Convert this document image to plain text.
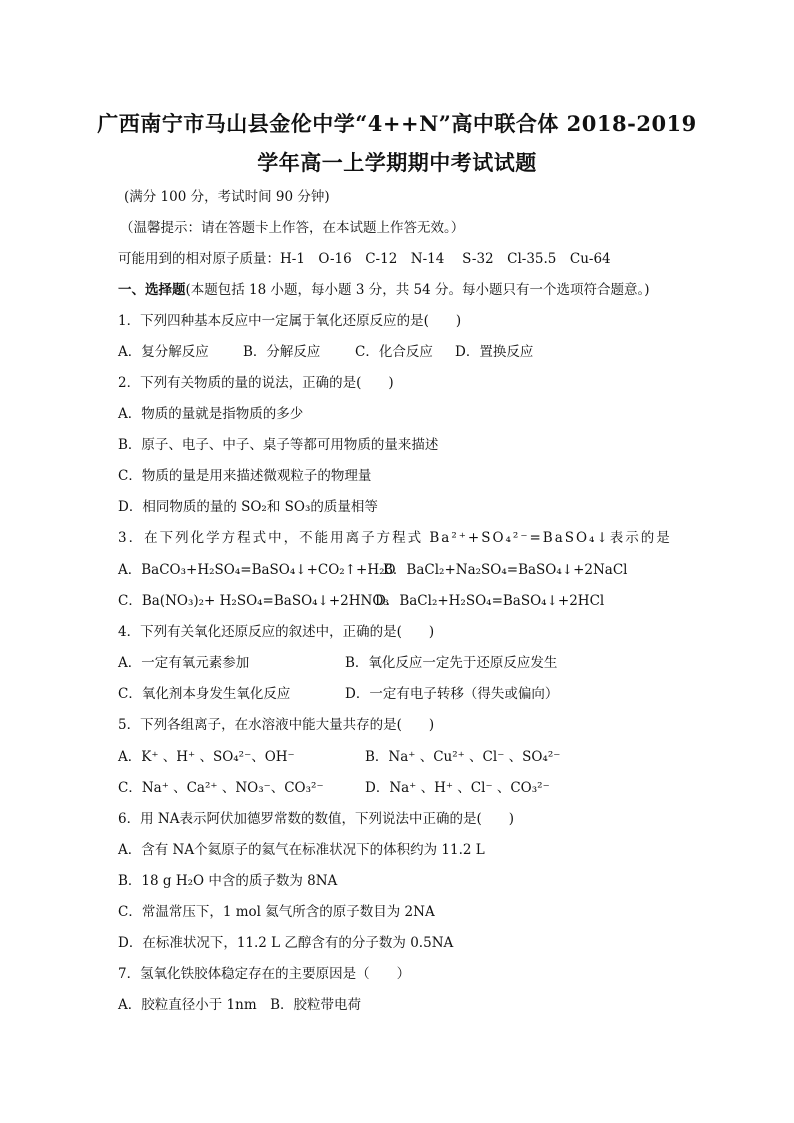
广西南宁市马山县金伦中学“4++N”高中联合体 2018-2019
学年高一上学期期中考试试题
(满分 100 分，考试时间 90 分钟)
（温馨提示：请在答题卡上作答，在本试题上作答无效。）
可能用到的相对原子质量：H-1　O-16　C-12　N-14　 S-32　Cl-35.5　Cu-64
一、选择题(本题包括 18 小题，每小题 3 分，共 54 分。每小题只有一个选项符合题意。)
1．下列四种基本反应中一定属于氧化还原反应的是(　　)
A．复分解反应	B．分解反应	C．化合反应 D．置换反应
2．下列有关物质的量的说法，正确的是(　　)
A．物质的量就是指物质的多少
B．原子、电子、中子、桌子等都可用物质的量来描述
C．物质的量是用来描述微观粒子的物理量
D．相同物质的量的 SO₂和 SO₃的质量相等
3．在下列化学方程式中，不能用离子方程式 Ba²⁺+SO₄²⁻=BaSO₄↓表示的是
A．BaCO₃+H₂SO₄=BaSO₄↓+CO₂↑+H₂O
B．BaCl₂+Na₂SO₄=BaSO₄↓+2NaCl
C．Ba(NO₃)₂+ H₂SO₄=BaSO₄↓+2HNO₃
D．BaCl₂+H₂SO₄=BaSO₄↓+2HCl
4．下列有关氧化还原反应的叙述中，正确的是(　　)
A．一定有氧元素参加	B．氧化反应一定先于还原反应发生
C．氧化剂本身发生氧化反应	D．一定有电子转移（得失或偏向）
5．下列各组离子，在水溶液中能大量共存的是(　　)
A．K⁺ 、H⁺ 、SO₄²⁻、OH⁻	B．Na⁺ 、Cu²⁺ 、Cl⁻ 、SO₄²⁻
C．Na⁺ 、Ca²⁺ 、NO₃⁻、CO₃²⁻	D．Na⁺ 、H⁺ 、Cl⁻ 、CO₃²⁻
6．用 NA表示阿伏加德罗常数的数值，下列说法中正确的是(　　)
A．含有 NA个氦原子的氦气在标准状况下的体积约为 11.2 L
B．18 g H₂O 中含的质子数为 8NA
C．常温常压下，1 mol 氦气所含的原子数目为 2NA
D．在标准状况下，11.2 L 乙醇含有的分子数为 0.5NA
7．氢氧化铁胶体稳定存在的主要原因是（　　）
A．胶粒直径小于 1nm　B．胶粒带电荷
